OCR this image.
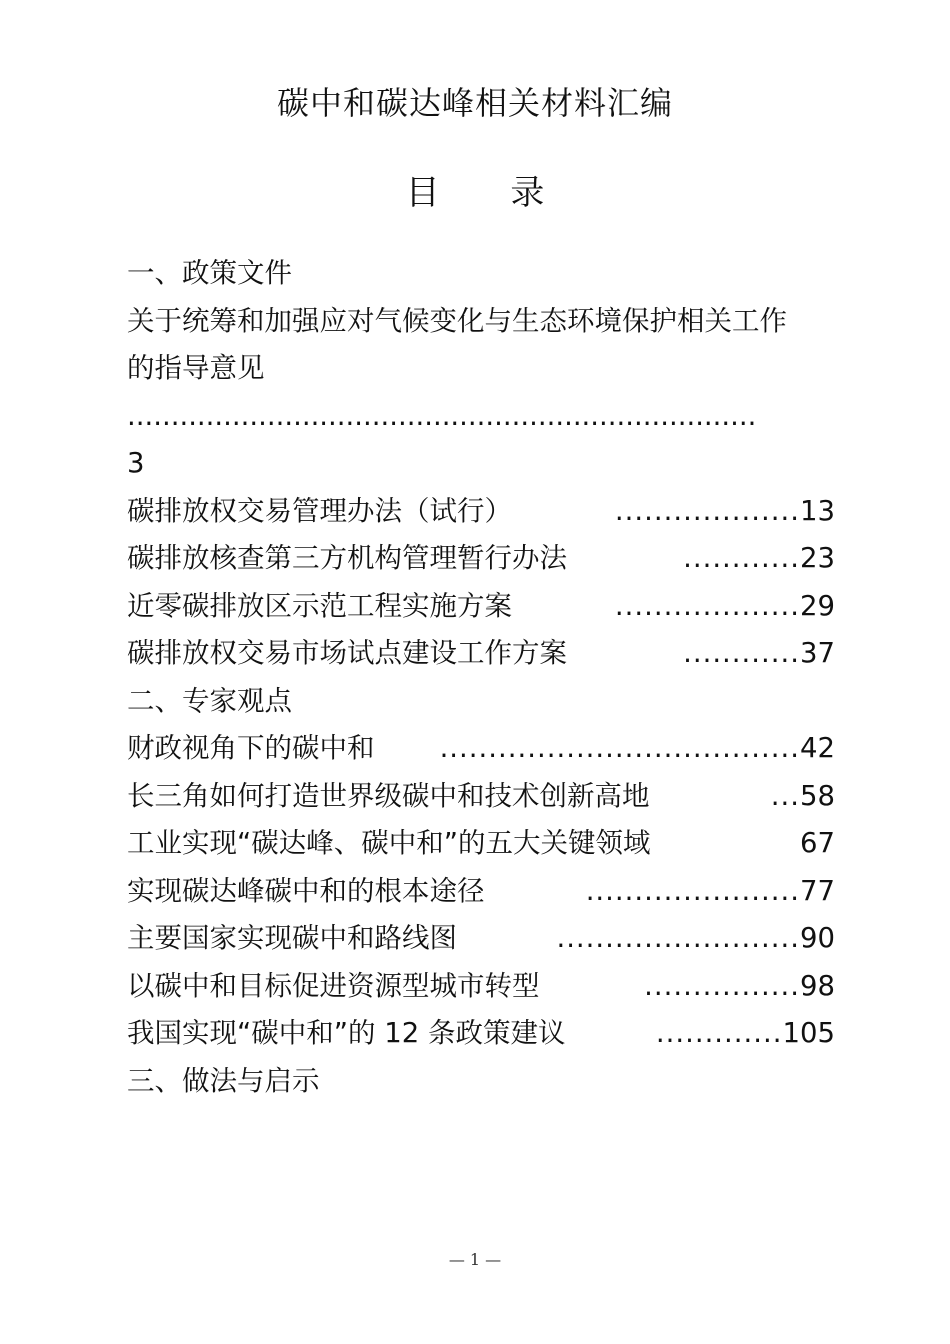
碳中和碳达峰相关材料汇编
目 录
一、政策文件
关于统筹和加强应对气候变化与生态环境保护相关工作
的指导意见
........................................................................
3
碳排放权交易管理办法（试行）	................... 13
碳排放核查第三方机构管理暂行办法	............ 23
近零碳排放区示范工程实施方案	................... 29
碳排放权交易市场试点建设工作方案	............ 37
二、专家观点
财政视角下的碳中和	..................................... 42
长三角如何打造世界级碳中和技术创新高地	... 58
工业实现“碳达峰、碳中和”的五大关键领域	67
实现碳达峰碳中和的根本途径	...................... 77
主要国家实现碳中和路线图	......................... 90
以碳中和目标促进资源型城市转型	................ 98
我国实现“碳中和”的 12 条政策建议	............. 105
三、做法与启示
— 1 —
